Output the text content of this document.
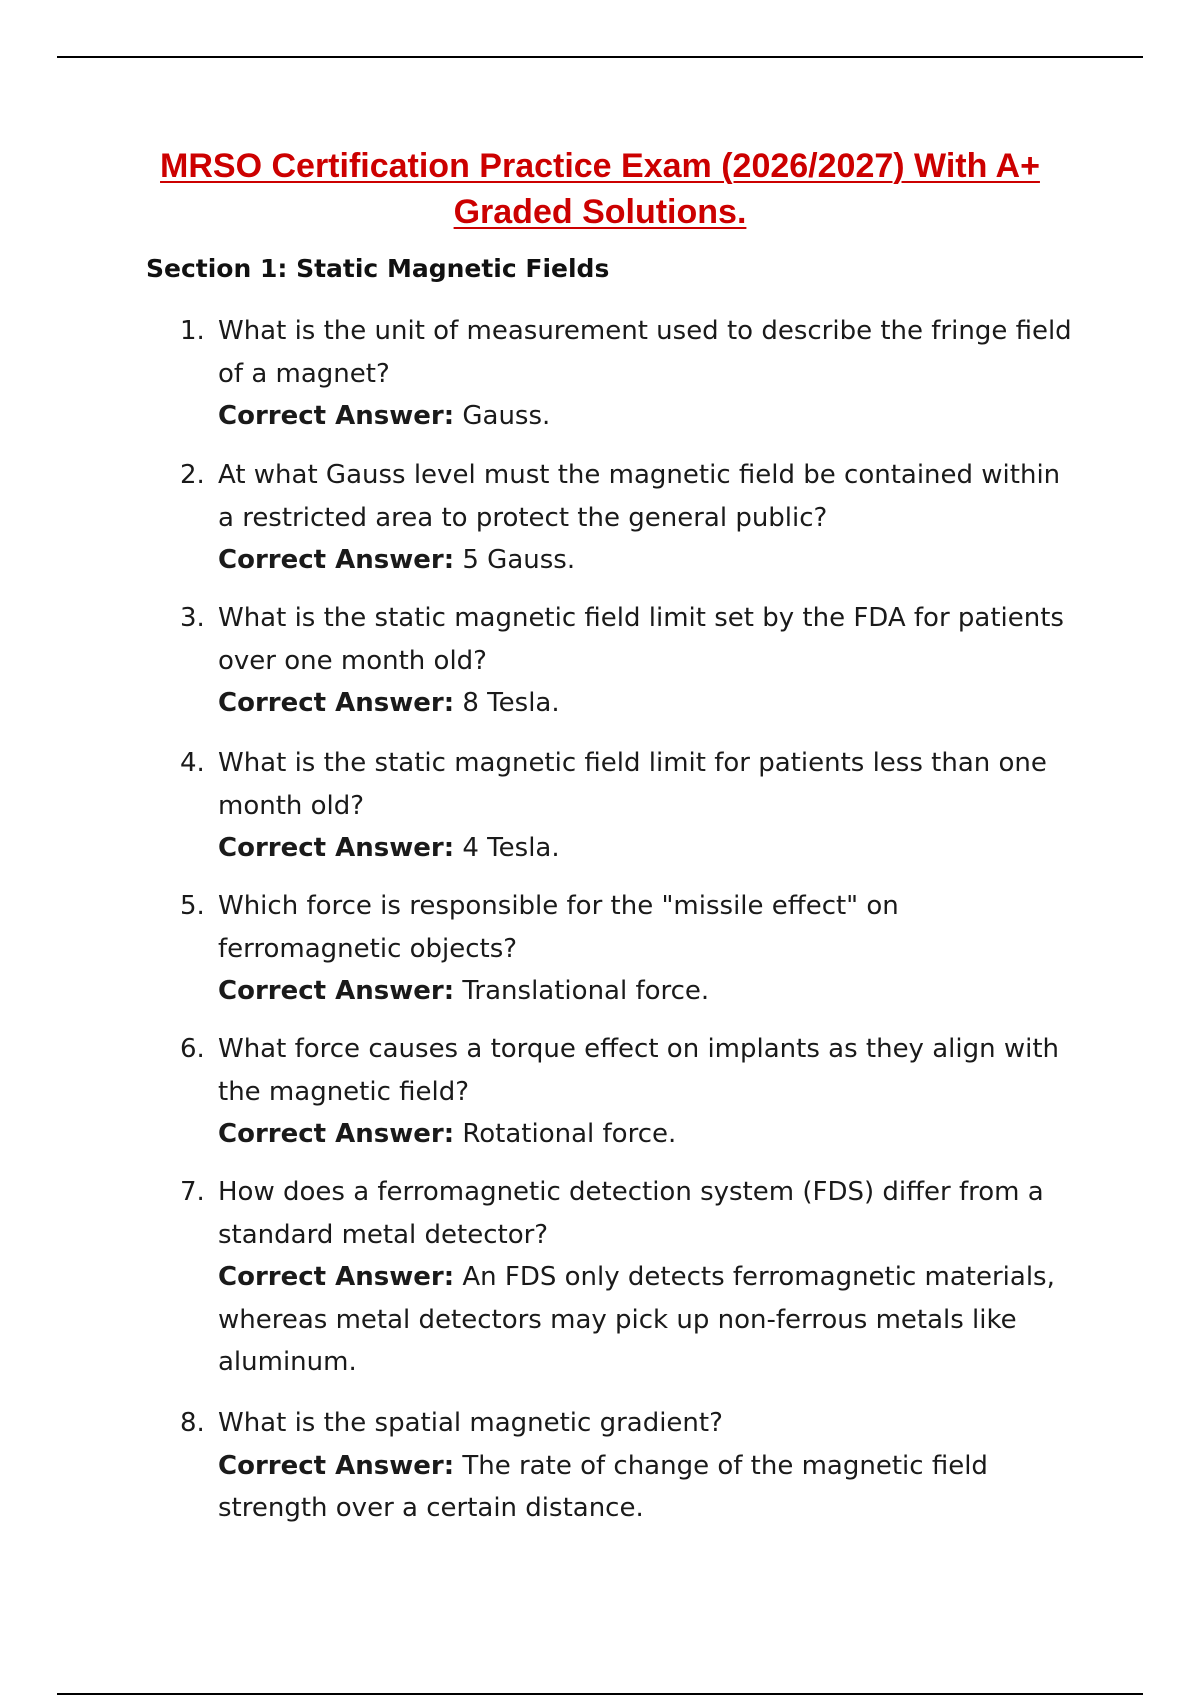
MRSO Certification Practice Exam (2026/2027) With A+ Graded Solutions.
Section 1: Static Magnetic Fields
1. What is the unit of measurement used to describe the fringe field of a magnet?
Correct Answer: Gauss.
2. At what Gauss level must the magnetic field be contained within a restricted area to protect the general public?
Correct Answer: 5 Gauss.
3. What is the static magnetic field limit set by the FDA for patients over one month old?
Correct Answer: 8 Tesla.
4. What is the static magnetic field limit for patients less than one month old?
Correct Answer: 4 Tesla.
5. Which force is responsible for the "missile effect" on ferromagnetic objects?
Correct Answer: Translational force.
6. What force causes a torque effect on implants as they align with the magnetic field?
Correct Answer: Rotational force.
7. How does a ferromagnetic detection system (FDS) differ from a standard metal detector?
Correct Answer: An FDS only detects ferromagnetic materials, whereas metal detectors may pick up non-ferrous metals like aluminum.
8. What is the spatial magnetic gradient?
Correct Answer: The rate of change of the magnetic field strength over a certain distance.
